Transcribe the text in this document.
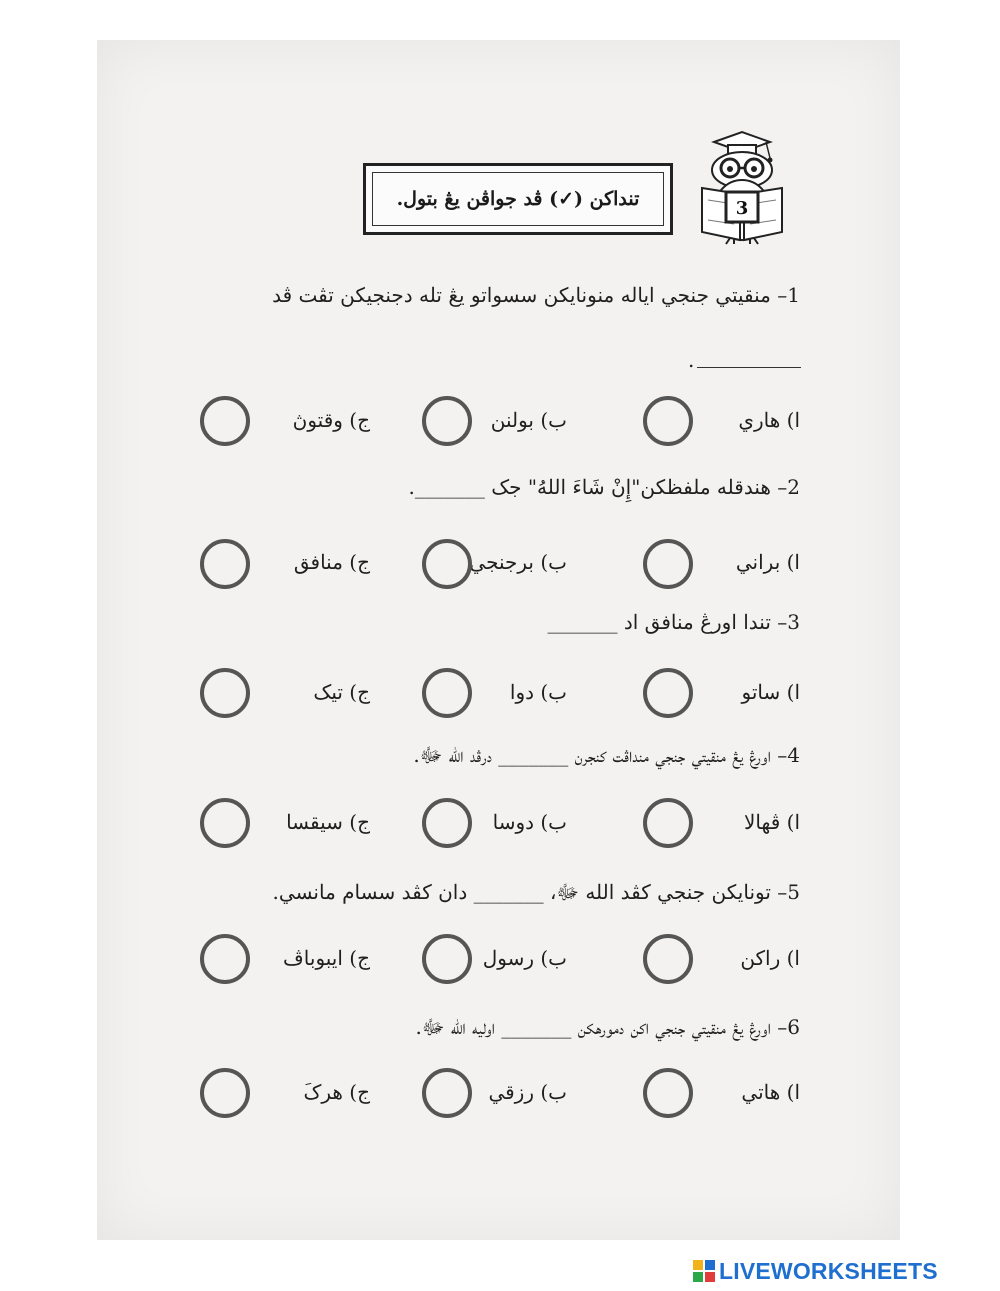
تنداكن (✓) ڤد جواڤن يڠ بتول.	3
1– منقيتي جنجي اياله منونايكن سسواتو يڠ تله دجنجيكن تڤت ڤد
.
ا) هاري
ب) بولنن
ج) وقتوڽ
2– هندقله ملفظكن"إِنْ شَاءَ اللهُ" جک _______.
ا) براني
ب) برجنجي
ج) منافق
3– تندا اورڠ منافق اد _______
ا) ساتو
ب) دوا
ج) تيک
4– اورڠ يڠ منقيتي جنجي منداڤت کنجرن _______ درڤد الله ﷻ.
ا) ڤهالا
ب) دوسا
ج) سيقسا
5– تونايکن جنجي کڤد الله ﷻ، _______ دان کڤد سسام مانسي.
ا) راکن
ب) رسول
ج) ايبوباڤ
6– اورڠ يڠ منقيتي جنجي اکن دمورهکن _______ اوليه الله ﷻ.
ا) هاتي
ب) رزقي
ج) هرکَ
LIVEWORKSHEETS
